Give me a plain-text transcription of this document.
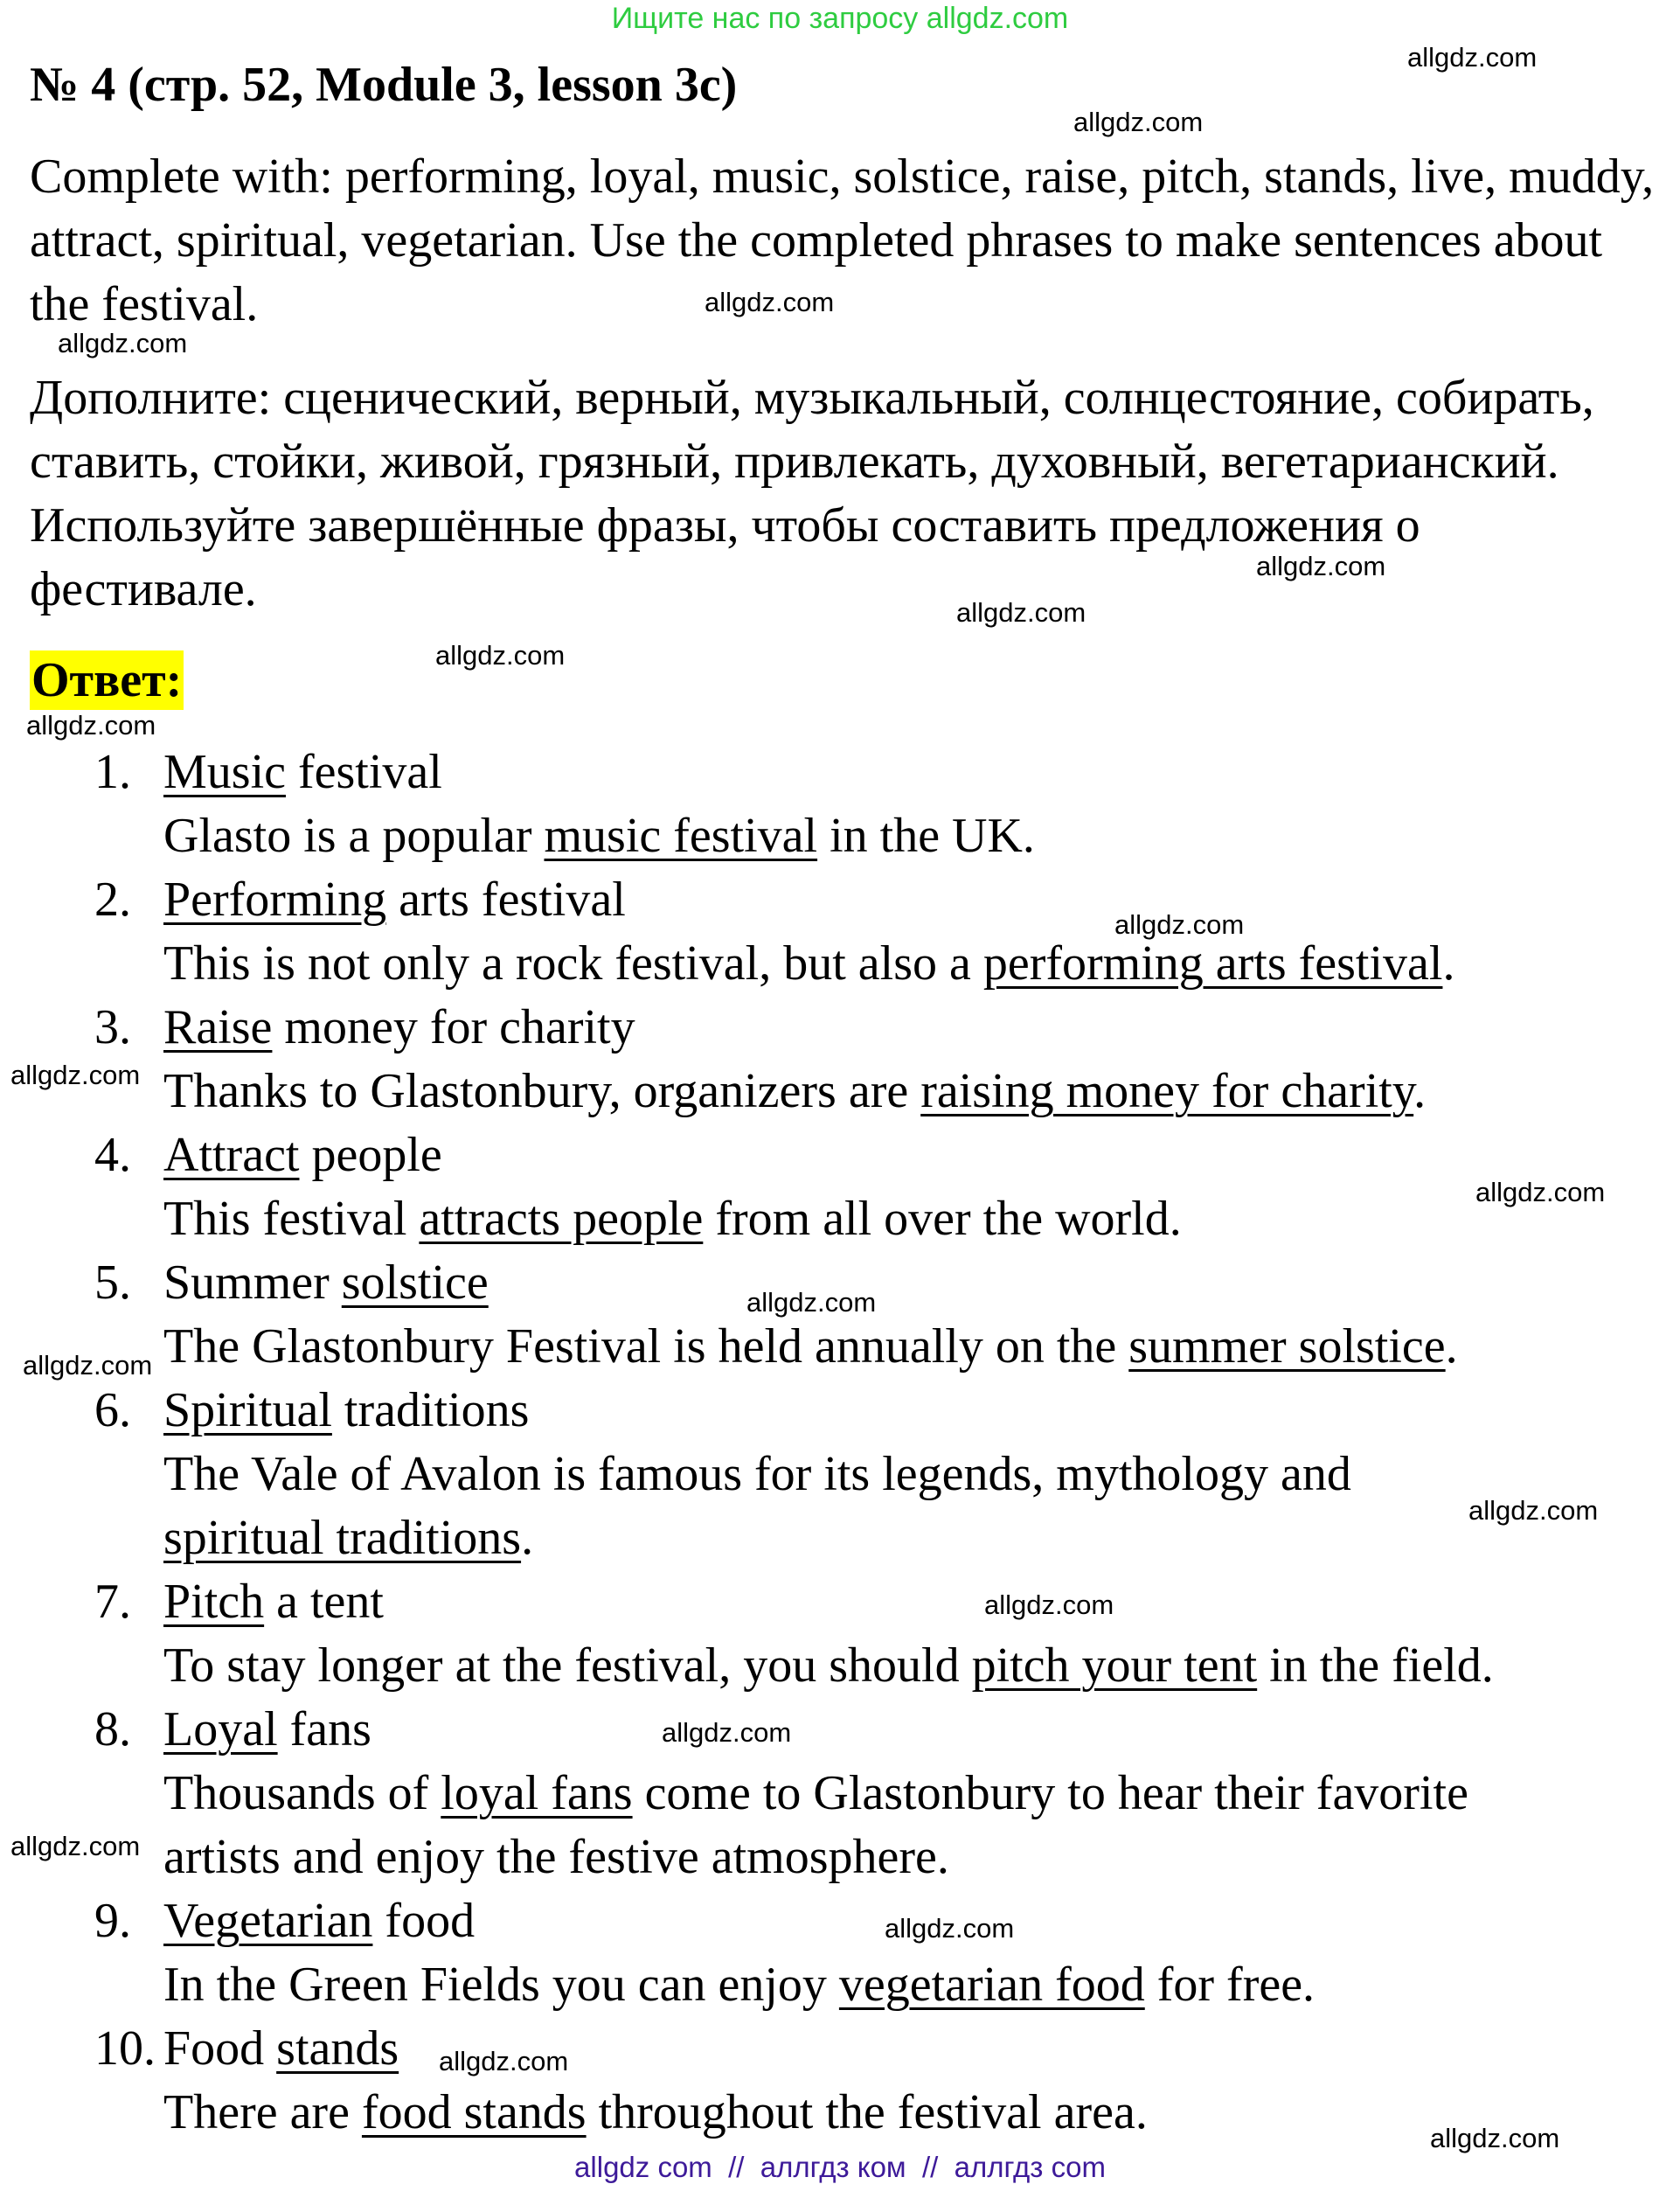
Ищите нас по запросу allgdz.com
№ 4 (стр. 52, Module 3, lesson 3c)
Complete with: performing, loyal, music, solstice, raise, pitch, stands, live, muddy, attract, spiritual, vegetarian. Use the completed phrases to make sentences about the festival.
Дополните: сценический, верный, музыкальный, солнцестояние, собирать, ставить, стойки, живой, грязный, привлекать, духовный, вегетарианский. Используйте завершённые фразы, чтобы составить предложения о фестивале.
Ответ:
1. Music festival
Glasto is a popular music festival in the UK.
2. Performing arts festival
This is not only a rock festival, but also a performing arts festival.
3. Raise money for charity
Thanks to Glastonbury, organizers are raising money for charity.
4. Attract people
This festival attracts people from all over the world.
5. Summer solstice
The Glastonbury Festival is held annually on the summer solstice.
6. Spiritual traditions
The Vale of Avalon is famous for its legends, mythology and
spiritual traditions.
7. Pitch a tent
To stay longer at the festival, you should pitch your tent in the field.
8. Loyal fans
Thousands of loyal fans come to Glastonbury to hear their favorite
artists and enjoy the festive atmosphere.
9. Vegetarian food
In the Green Fields you can enjoy vegetarian food for free.
10. Food stands
There are food stands throughout the festival area.
allgdz.com
allgdz.com
allgdz.com
allgdz.com
allgdz.com
allgdz.com
allgdz.com
allgdz.com
allgdz.com
allgdz.com
allgdz.com
allgdz.com
allgdz.com
allgdz.com
allgdz.com
allgdz.com
allgdz.com
allgdz.com
allgdz.com
allgdz.com
allgdz com  //  аллгдз ком  //  аллгдз com
